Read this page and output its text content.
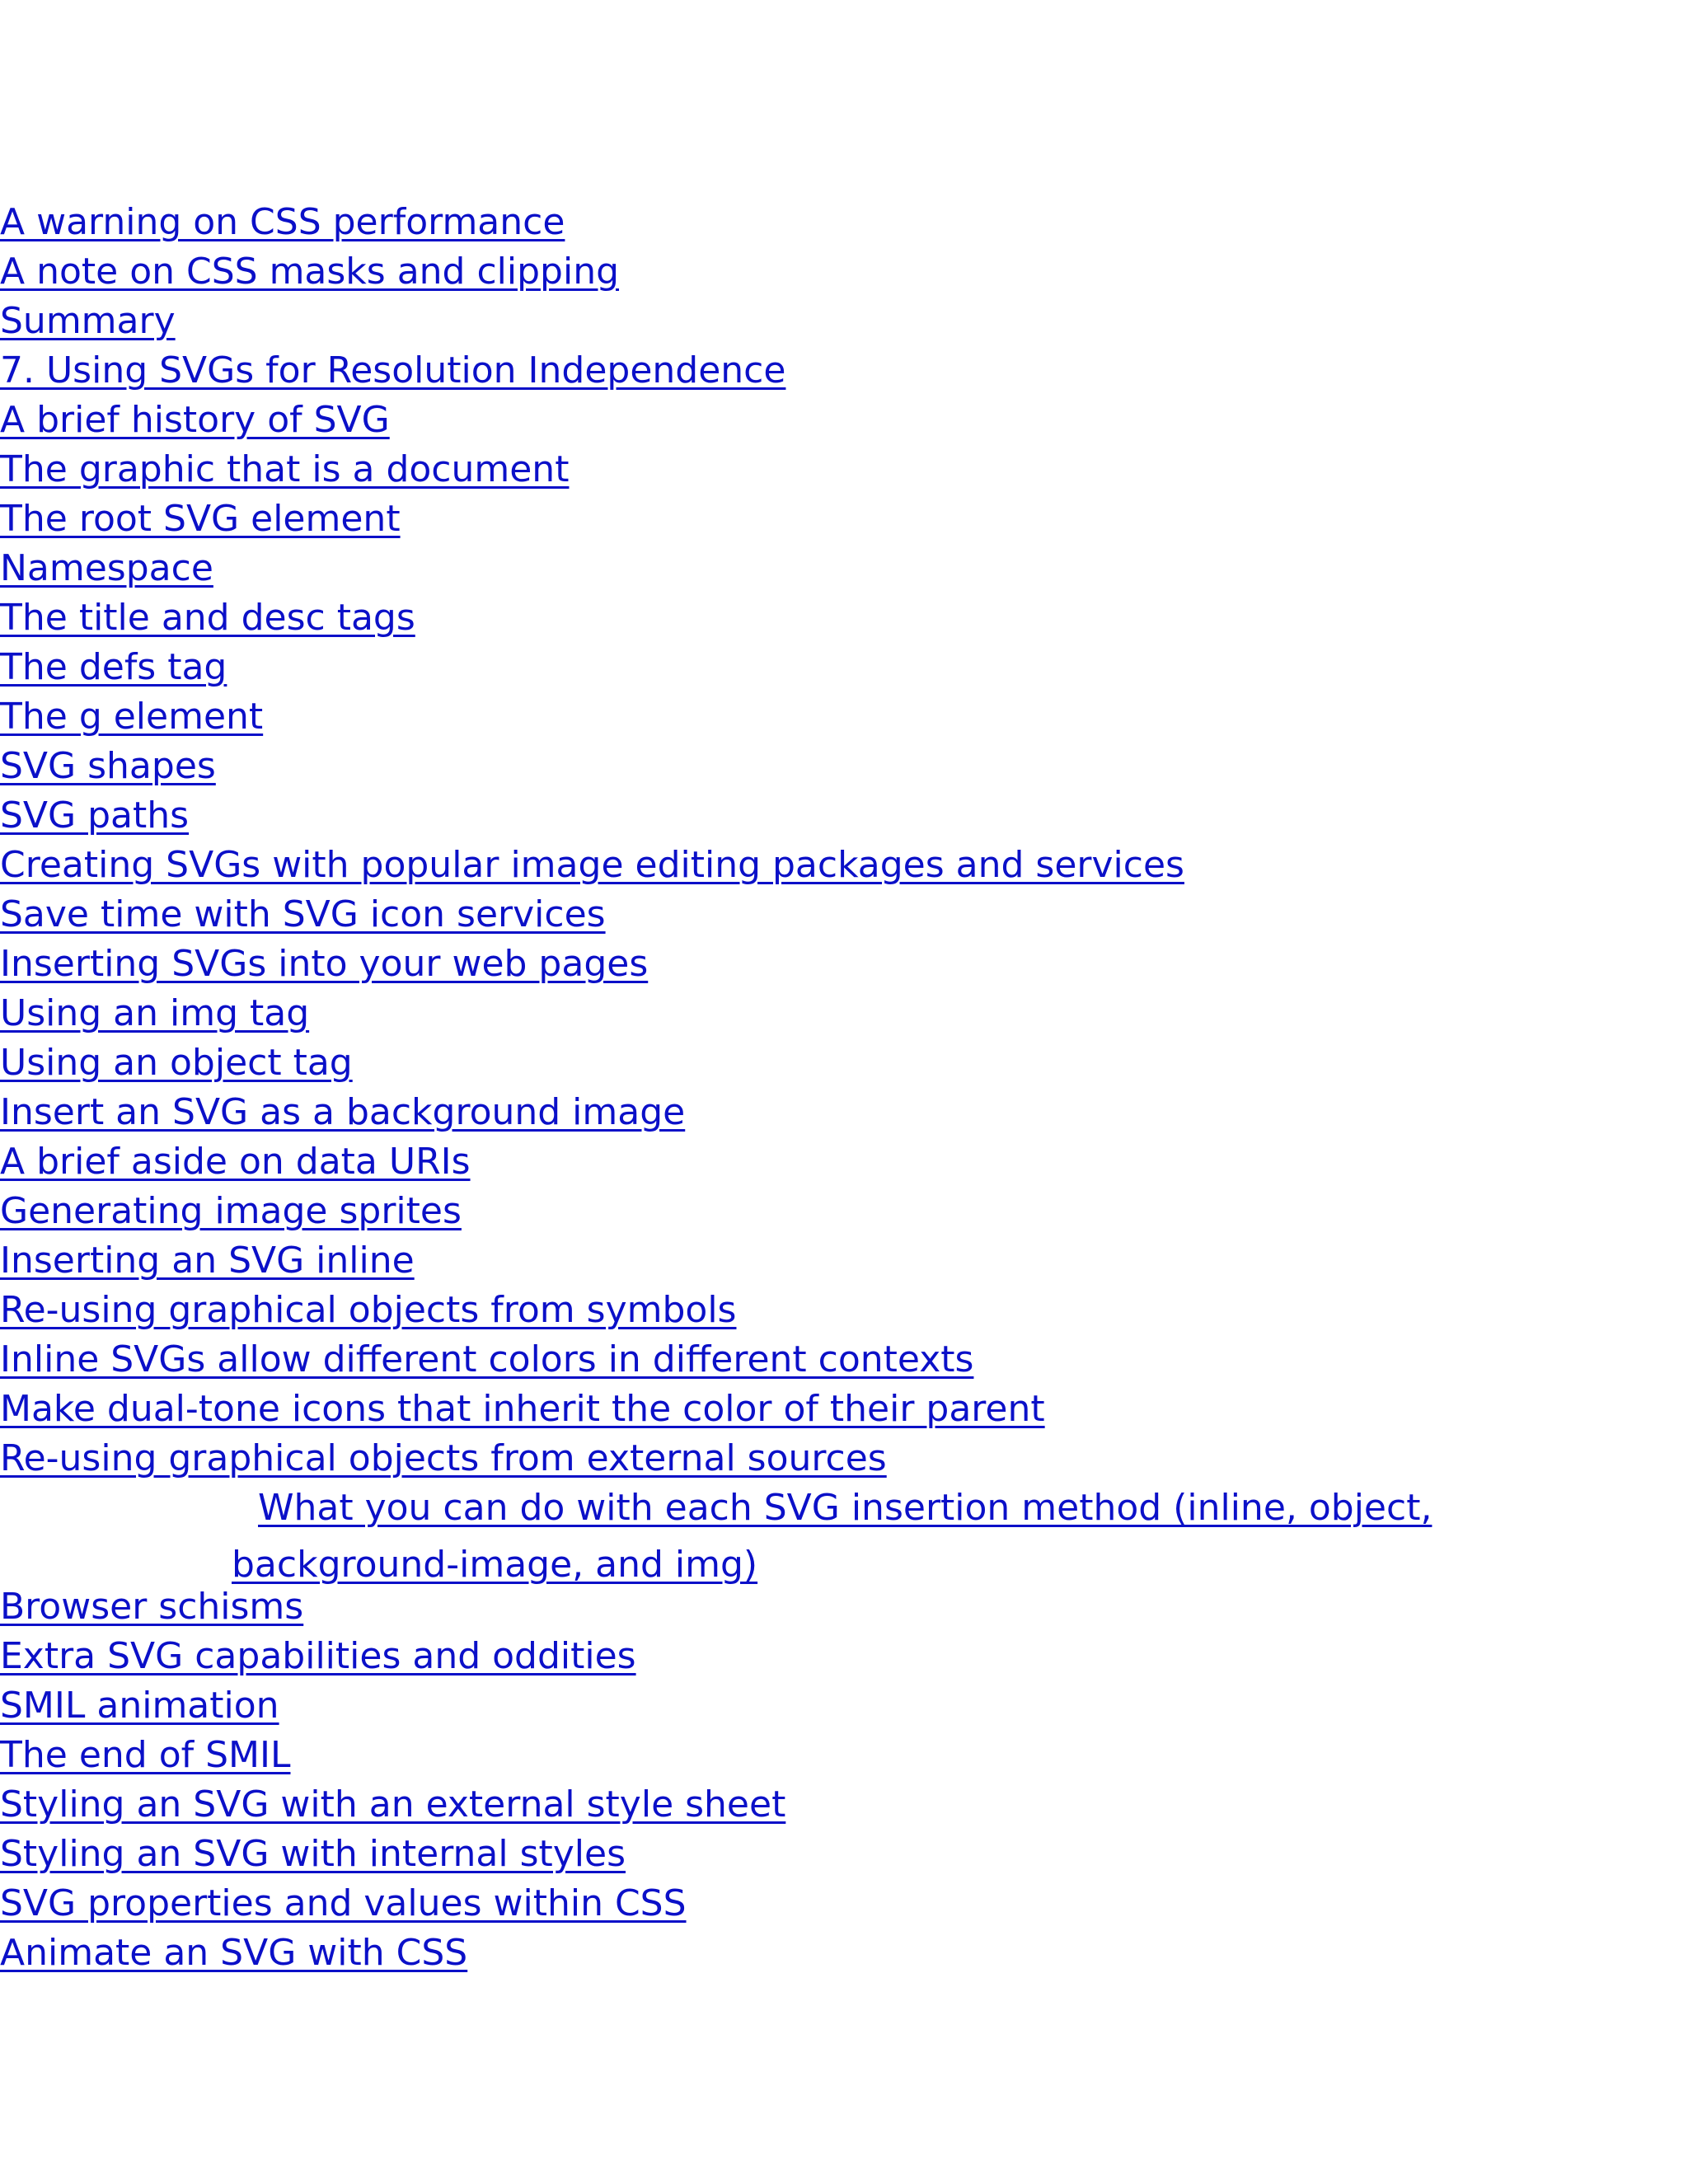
A warning on CSS performance
A note on CSS masks and clipping
Summary
7. Using SVGs for Resolution Independence
A brief history of SVG
The graphic that is a document
The root SVG element
Namespace
The title and desc tags
The defs tag
The g element
SVG shapes
SVG paths
Creating SVGs with popular image editing packages and services
Save time with SVG icon services
Inserting SVGs into your web pages
Using an img tag
Using an object tag
Insert an SVG as a background image
A brief aside on data URIs
Generating image sprites
Inserting an SVG inline
Re-using graphical objects from symbols
Inline SVGs allow different colors in different contexts
Make dual-tone icons that inherit the color of their parent
Re-using graphical objects from external sources
What you can do with each SVG insertion method (inline, object, background-image, and img)
Browser schisms
Extra SVG capabilities and oddities
SMIL animation
The end of SMIL
Styling an SVG with an external style sheet
Styling an SVG with internal styles
SVG properties and values within CSS
Animate an SVG with CSS
